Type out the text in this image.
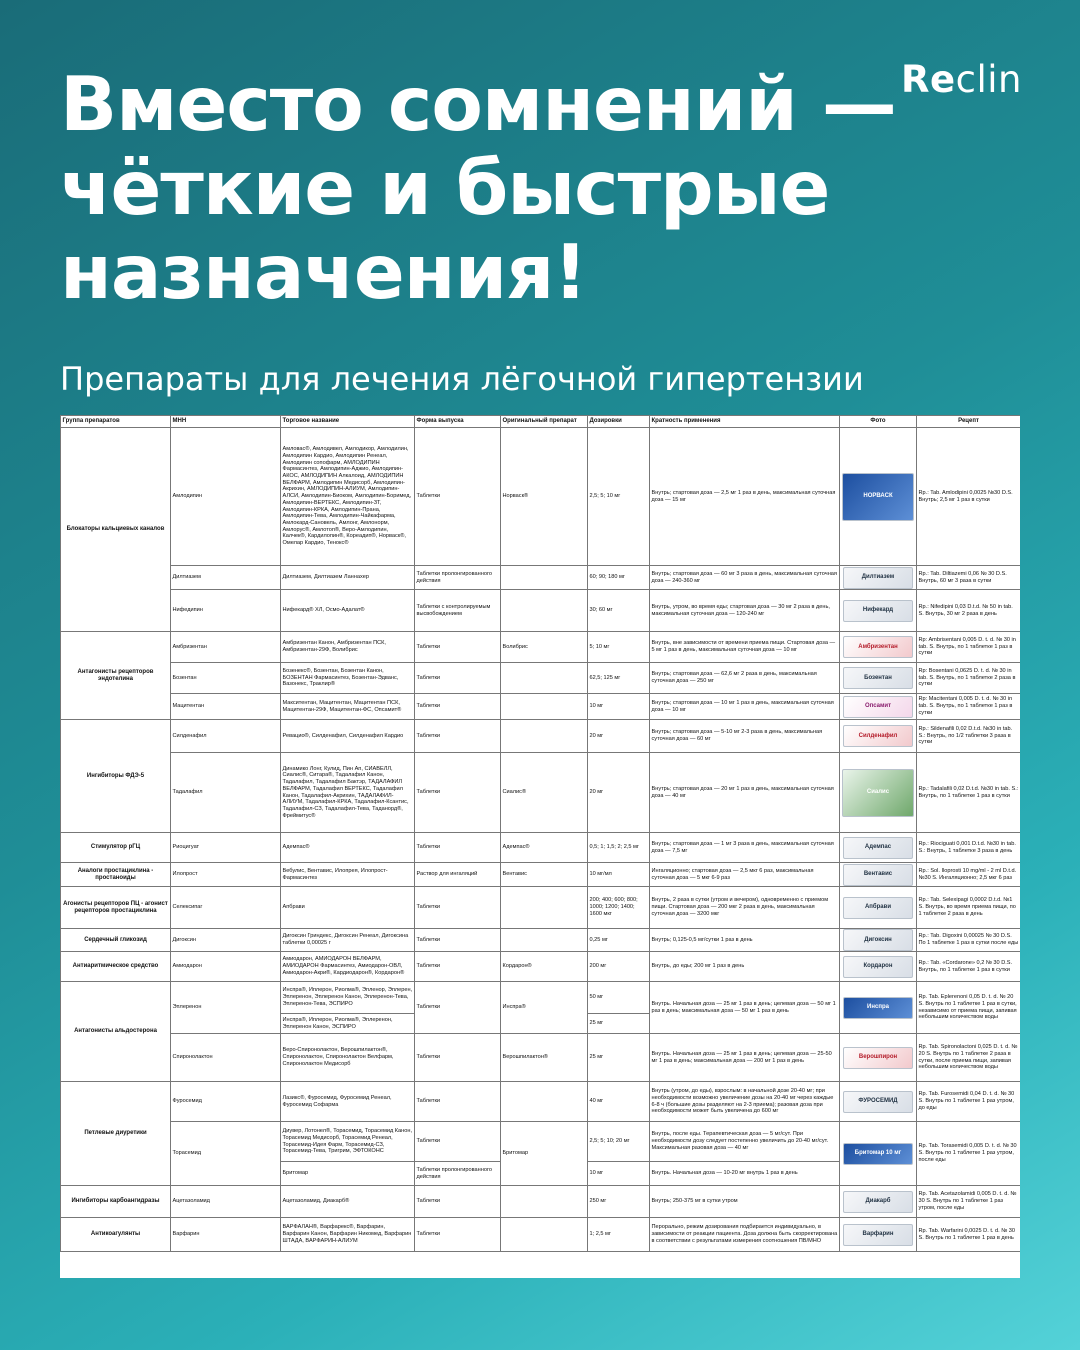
Reclin
Вместо сомнений — чёткие и быстрые назначения!
Препараты для лечения лёгочной гипертензии
Группа препаратов	МНН	Торговое название	Форма выпуска	Оригинальный препарат	Дозировки	Кратность применения	Фото	Рецепт
Блокаторы кальциевых каналов	Амлодипин	Амловас®, Амлодивел, Амлодикор, Амлодилин, Амлодипин Кардио, Амлодипин Ренеал, Амлодипин сопофарм, АМЛОДИПИН Фармасинтез, Амлодипин-Аджио, Амлодипин-АКОС, АМЛОДИПИН Алкалоид, АМЛОДИПИН ВЕЛФАРМ, Амлодипин Медисорб, Амлодипин-Акрихин, АМЛОДИПИН-АЛИУМ, Амлодипин-АЛСИ, Амлодипин-Биоком, Амлодипин-Боримед, Амлодипин-ВЕРТЕКС, Амлодипин-ЗТ, Амлодипин-КРКА, Амлодипин-Прана, Амлодипин-Тева, Амлодипин-Чайкафарма, Амлокард-Сановель, Амлонг, Амлонорм, Амлорус®, Амлотоп®, Веро-Амлодипин, Калчек®, Кардилопин®, Кореадип®, Норваск®, Омелар Кардио, Тенокс®	Таблетки	Норваск®	2,5; 5; 10 мг	Внутрь; стартовая доза — 2,5 мг 1 раз в день, максимальная суточная доза — 15 мг	НОРВАСК	Rp.: Tab. Amlodipini 0,0025 №30 D.S. Внутрь; 2,5 мг 1 раз в сутки
	Дилтиазем	Дилтиазем, Дилтиазем Ланнахер	Таблетки пролонгированного действия		60; 90; 180 мг	Внутрь; стартовая доза — 60 мг 3 раза в день, максимальная суточная доза — 240-360 мг	Дилтиазем	Rp.: Tab. Diltiazemi 0,06 № 30 D.S. Внутрь, 60 мг 3 раза в сутки
	Нифедипин	Нифекард® ХЛ, Осмо-Адалат®	Таблетки с контролируемым высвобождением		30; 60 мг	Внутрь, утром, во время еды; стартовая доза — 30 мг 2 раза в день, максимальная суточная доза — 120-240 мг	Нифекард	Rp.: Nifedipini 0,03 D.t.d. № 50 in tab. S. Внутрь, 30 мг 2 раза в день
Антагонисты рецепторов эндотелина	Амбризентан	Амбризентан Канон, Амбризентан ПСК, Амбризентан-29Ф, Волибрис	Таблетки	Волибрис	5; 10 мг	Внутрь, вне зависимости от времени приема пищи. Стартовая доза — 5 мг 1 раз в день, максимальная суточная доза — 10 мг	Амбризентан	Rp: Ambrisentani 0,005 D. t. d. № 30 in tab. S. Внутрь, по 1 таблетке 1 раз в сутки
	Бозентан	Бозенекс®, Бозентан, Бозентан Канон, БОЗЕНТАН Фармасинтез, Бозентан-Эдванс, Вазонекс, Траклир®	Таблетки		62,5; 125 мг	Внутрь; стартовая доза — 62,6 мг 2 раза в день, максимальная суточная доза — 250 мг	Бозентан	Rp: Bosentani 0,0625 D. t. d. № 30 in tab. S. Внутрь, по 1 таблетке 2 раза в сутки
	Мацитентан	Макситентан, Мацитентан, Мацитентан ПСК, Мацитентан-29Ф, Мацитентан-ФС, Опсамит®	Таблетки		10 мг	Внутрь; стартовая доза — 10 мг 1 раз в день, максимальная суточная доза — 10 мг	Опсамит	Rp: Macitentani 0,005 D. t. d. № 30 in tab. S. Внутрь, по 1 таблетке 1 раз в сутки
Ингибиторы ФДЭ-5	Силденафил	Ревацио®, Силденафил, Силденафил Кардио	Таблетки		20 мг	Внутрь; стартовая доза — 5-10 мг 2-3 раза в день, максимальная суточная доза — 60 мг	Силденафил	Rp.: Sildenafili 0,02 D.t.d. №30 in tab. S.: Внутрь, по 1/2 таблетки 3 раза в сутки
	Тадалафил	Динамико Лонг, Кулид, Пин Ап, СИАВЕЛЛ, Сиалис®, Ситара®, Тадалафил Канон, Тадалафил, Тадалафил Бактэр, ТАДАЛАФИЛ ВЕЛФАРМ, Тадалафил ВЕРТЕКС, Тадалафил Канон, Тадалафил-Акрихин, ТАДАЛАФИЛ-АЛИУМ, Тадалафил-КРКА, Тадалафил-Ксантис, Тадалафил-СЗ, Тадалафил-Тева, Таданорд®, Фреймитус®	Таблетки	Сиалис®	20 мг	Внутрь; стартовая доза — 20 мг 1 раз в день, максимальная суточная доза — 40 мг	Сиалис	Rp.: Tadalafili 0,02 D.t.d. №30 in tab. S.: Внутрь, по 1 таблетке 1 раз в сутки
Стимулятор рГЦ	Риоцигуат	Адемпас®	Таблетки	Адемпас®	0,5; 1; 1,5; 2; 2,5 мг	Внутрь; стартовая доза — 1 мг 3 раза в день, максимальная суточная доза — 7,5 мг	Адемпас	Rp.: Riociguati 0,001 D.t.d. №30 in tab. S.: Внутрь, 1 таблетке 3 раза в день
Аналоги простациклина - простаноиды	Илопрост	Вебулис, Вентавис, Илопрея, Илопрост-Фармасинтез	Раствор для ингаляций	Вентавис	10 мг/мл	Ингаляционно; стартовая доза — 2,5 мкг 6 раз, максимальная суточная доза — 5 мкг 6-9 раз	Вентавис	Rp.: Sol. Iloprosti 10 mg/ml - 2 ml D.t.d. №30 S. Ингаляционно; 2,5 мкг 6 раз
Агонисты рецепторов ПЦ - агонист рецепторов простациклина	Селексипаг	Апбрави	Таблетки		200; 400; 600; 800; 1000; 1200; 1400; 1600 мкг	Внутрь, 2 раза в сутки (утром и вечером), одновременно с приемом пищи. Стартовая доза — 200 мкг 2 раза в день, максимальная суточная доза — 3200 мкг	Апбрави	Rp.: Tab. Selexipagi 0,0002 D.t.d. №1 S. Внутрь, во время приема пищи, по 1 таблетке 2 раза в день
Сердечный гликозид	Дигоксин	Дигоксин Гриндекс, Дигоксин Ренеал, Дигоксина таблетки 0,00025 г	Таблетки		0,25 мг	Внутрь; 0,125-0,5 мг/сутки 1 раз в день	Дигоксин	Rp.: Tab. Digoxini 0,00025 № 30 D.S. По 1 таблетке 1 раз в сутки после еды
Антиаритмическое средство	Амиодарон	Амиодарон, АМИОДАРОН ВЕЛФАРМ, АМИОДАРОН Фармасинтез, Амиодарон-ОВЛ, Амиодарон-Акри®, Кардиодарон®, Кордарон®	Таблетки	Кордарон®	200 мг	Внутрь, до еды; 200 мг 1 раз в день	Кордарон	Rp.: Tab. «Cordarone» 0,2 № 30 D.S. Внутрь, по 1 таблетке 1 раз в сутки
Антагонисты альдостерона	Эплеренон	Инспра®, Иплерон, Риолма®, Эпленор, Эплерен, Эплеренон, Эплеренон Канон, Эплеренон-Тева, Эплеренон-Тева, ЭСПИРО	Таблетки	Инспра®	50 мг	Внутрь. Начальная доза — 25 мг 1 раз в день; целевая доза — 50 мг 1 раз в день; максимальная доза — 50 мг 1 раз в день	Инспра	Rp. Tab. Eplerenoni 0,05 D. t. d. № 20 S. Внутрь по 1 таблетке 1 раз в сутки, независимо от приема пищи, запивая небольшим количеством воды
		Инспра®, Иплерон, Риолма®, Эплеренон, Эплеренон Канон, ЭСПИРО			25 мг			
	Спиронолактон	Веро-Спиронолактон, Верошпилактон®, Спиронолактон, Спиронолактон Велфарм, Спиронолактон Медисорб	Таблетки	Верошпилактон®	25 мг	Внутрь. Начальная доза — 25 мг 1 раз в день; целевая доза — 25-50 мг 1 раз в день; максимальная доза — 200 мг 1 раз в день	Верошпирон	Rp. Tab. Spironolactoni 0,025 D. t. d. № 20 S. Внутрь по 1 таблетке 2 раза в сутки, после приема пищи, запивая небольшим количеством воды
Петлевые диуретики	Фуросемид	Лазикс®, Фуросемид, Фуросемид Ренеал, Фуросемид Софарма	Таблетки		40 мг	Внутрь (утром, до еды), взрослым: в начальной дозе 20-40 мг; при необходимости возможно увеличение дозы на 20-40 мг через каждые 6-8 ч (большие дозы разделяют на 2-3 приема); разовая доза при необходимости может быть увеличена до 600 мг	ФУРОСЕМИД	Rp. Tab. Furosemidi 0,04 D. t. d. № 30 S. Внутрь по 1 таблетке 1 раз утром, до еды
	Торасемид	Диувер, Лотонел®, Торасемид, Торасемид Канон, Торасемид Медисорб, Торасемид Ренеал, Торасемид-Идея Фарм, Торасемид-СЗ, Торасемид-Тева, Тригрим, ЭФТОКОНС	Таблетки	Бритомар	2,5; 5; 10; 20 мг	Внутрь, после еды. Терапевтическая доза — 5 мг/сут. При необходимости дозу следует постепенно увеличить до 20-40 мг/сут. Максимальная разовая доза — 40 мг	Бритомар 10 мг	Rp. Tab. Torasemidi 0,005 D. t. d. № 30 S. Внутрь по 1 таблетке 1 раз утром, после еды
		Бритомар	Таблетки пролонгированного действия		10 мг	Внутрь. Начальная доза — 10-20 мг внутрь 1 раз в день		
Ингибиторы карбоангидразы	Ацетазоламид	Ацетазоламид, Диакарб®	Таблетки		250 мг	Внутрь; 250-375 мг в сутки утром	Диакарб	Rp. Tab. Acetazolamidi 0,005 D. t. d. № 30 S. Внутрь по 1 таблетке 1 раз утром, после еды
Антикоагулянты	Варфарин	ВАРФАЛАН®, Варфарекс®, Варфарин, Варфарин Канон, Варфарин Никомед, Варфарин ШТАДА, ВАРФАРИН-АЛИУМ	Таблетки		1; 2,5 мг	Перорально, режим дозирования подбирается индивидуально, в зависимости от реакции пациента. Доза должна быть скорректирована в соответствии с результатами измерения соотношения ПВ/МНО	Варфарин	Rp. Tab. Warfarini 0,0025 D. t. d. № 30 S. Внутрь по 1 таблетке 1 раз в день
